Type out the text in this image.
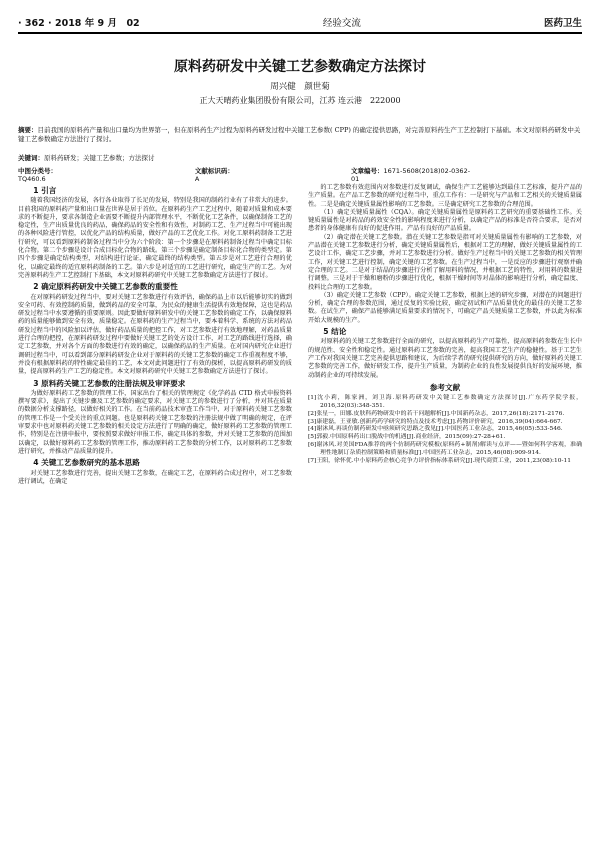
· 362 · 2018 年 9 月　02	经验交流	医药卫生
原料药研发中关键工艺参数确定方法探讨
周兴健　颜世菊
正大天晴药业集团股份有限公司，江苏 连云港　222000
摘要：目前我国的原料药产量和出口量均为世界第一，但在原料药生产过程为原料药研发过程中关键工艺参数( CPP) 的确定提供思路，对完善原料药生产工艺控制打下基础。本文对原料药研发中关键工艺参数确定方法进行了探讨。
关键词：原料药研发；关键工艺参数；方法探讨
中图分类号：TQ460.6
文献标识码：A
文章编号：1671-5608(2018)02-0362-01
1 引言

随着我国经济的发展，各行各业取得了长足的发展，特别是我国的制药行业有了非常大的进步。目前我国的原料药产量和出口量在世界是居于首位。在原料药生产工艺过程中，随着对质量和成本要求的不断提升，要求各制造企业需要不断提升内部管理水平，不断优化工艺条件，以确保制备工艺的稳定性，生产出质量优良的药品，确保药品的安全性和有效性，对制药工艺、生产过程当中可能出现的各种风险进行管控，以优化产品的结构质量，做好产品的工艺优化工作。对化工原料药制备工艺进行研究，可以看到原料药制备过程当中分为六个阶段：第一个步骤是在原料药制备过程当中确定目标化合物。第二个步骤是设计合成目标化合物的路线。第三个步骤是确定制备目标化合物的类型定。第四个步骤是确定结构类型，对结构进行论证，确定最终的结构类型。第五步是对工艺进行合理的优化，以确定最终的适宜原料药制备的工艺。第六步是对适宜的工艺进行研究，确定生产的工艺。为对完善原料药生产工艺控制打下基础，本文对原料药研究中关键工艺参数确定方法进行了探讨。

2 确定原料药研发中关键工艺参数的重要性

在对原料药研发过程当中，要对关键工艺参数进行有效评估，确保药品上市以后能够切实的做到安全可药、有效控制药质量，做到药品的安全可靠，为民众的健康生活提供有效地保障，这也是药品研发过程当中水要遵循的重要原则。因此要做好原料研发中的关键工艺参数的确定工作，以确保原料药的质量能够做到安全有效，质量稳定。在原料药的生产过程当中，要本着科学、系统的方法对药品研发过程当中的风险加以评估，做好药品质量的把控工作，对工艺参数进行有效地理解，对药品质量进行合理的把控，在原料药研发过程中要做好关键工艺的处方设计工作，对工艺的路线进行选择，确定工艺参数，并对各个方面的参数进行有效的确定，以确保药品的生产质量。在对国内研究企业进行调研过程当中，可以看到部分原料药研发企业对于原料药的关键工艺参数的确定工作重视程度不够，并没有根据原料药的特性确定最佳的工艺，本文对此问题进行了有效的探析，以提高原料药研发的质量，提高原料药生产工艺的稳定性。本文对原料药研究中关键工艺参数确定方法进行了探讨。

3 原料药关键工艺参数的注册法规及审评要求

为做好原料药工艺参数的管理工作，国家出台了相关的管理规定《化学药品 CTD 格式申报资料撰写要求》，提出了关键步骤及工艺参数的确定要求，对关键工艺的参数进行了分析，并对其在质量的数据分析支撑路径，以做好相关的工作。在当前药品技术审查工作当中，对于原料药关键工艺参数的管理工作是一个受关注的重点问题。也是原料药关键工艺参数的注册法规中做了明确的规定，在评审要求中也对原料药关键工艺参数的相关设定方法进行了明确的确定，做好原料药工艺参数的管理工作，特别是在注册申报中，要按照要求做好审报工作，确定具体的参数，并对关键工艺参数的范围加以确定，以做好原料药工艺参数的管理工作，推动原料药工艺参数的分析工作，以对原料药工艺参数进行研究，并推动产品质量的提升。

4 关键工艺参数研究的基本思路

对关键工艺参数进行完善，提出关键工艺参数，在确定工艺，在原料药合成过程中，对工艺参数进行调试，在确定

的工艺参数有效范围内对参数进行反复调试，确保生产工艺能够达到最佳工艺标准，提升产品的生产质量。在产品工艺参数的研究过程当中，重点工作有：一是研究与产品和工艺相关的关键质量属性。二是是确定关键质量属性影响的工艺参数。三是确定研究工艺参数的合理范围。

（1）确定关键质量属性（CQA）。确定关键质量属性是原料药工艺研究的重要基础性工作。关键质量属性是对药品的药效安全性的影响程度来进行分析，以确定产品的标准是否符合要求，是否对患者的身体健康有良好的促进作用。产品有良好的产品质量。

（2）确定潜在关键工艺参数。潜在关键工艺参数是指可对关键质量属性有影响的工艺参数，对产品潜在关键工艺参数进行分析，确定关键质量属性后，根据对工艺的理解，做好关键质量属性的工艺设计工作，确定工艺步骤，并对工艺参数进行分析。做好生产过程当中的关键工艺参数的相关管理工作，对关键工艺进行控制，确定关键的工艺参数。在生产过程当中，一是反应的步骤进行观察并确定合理的工艺。二是对于结晶的步骤进行分析了解用料的情况，并根据工艺的特性，对用料的数量进行调整。三是对于干燥和磨粉的步骤进行优化，根据干燥时间等对晶体的影响进行分析，确定温度、投料比合理的工艺参数。

（3）确定关键工艺参数（CPP）。确定关键工艺参数，根据上述的研究步骤，对潜在的问题进行分析，确定合理的参数范围，通过反复的实验比较，确定初试和产品质量优化的最佳的关键工艺参数。在试生产，确保产品能够满足质量要求的情况下，可确定产品关键质量工艺参数，并以此为标准开始大规模的生产。

5 结论

对原料药的关键工艺参数进行全面的研究，以提高原料药生产可靠性，提高原料药参数在生长中的规范性、安全性和稳定性。通过原料药工艺参数的完善，提高我国工艺生产的稳健性。基于工艺生产工作对我国关键工艺完善提供思路和建议，为后续学者的研究提供研究的方向，做好原料药关键工艺参数的完善工作，做好研发工作，提升生产质量，为制药企业的良性发展提供良好的发展环境，推动制药企业的可持续发展。

参考文献
[1]沈小莉，陈家洲，刘卫海.原料药研发中关键工艺参数确定方法探讨[J].广东药学院学报，2016,32(03):348-351.
[2]张星一，田娜.皮肤科药物研发中的若干问题解析[J].中国新药杂志，2017,26(18):2171-2176.
[3]康建磊，王亚敏.创新药药学研究的特点及技术考虑[J].药物评价研究，2016,39(04):664-667.
[4]谢沐风.再谈仿制药研发中亟须研究思路之我见[J].中国医药工业杂志，2015,46(05):533-546.
[5]郭毅.中国原料药出口脱战中的机遇[J].商业经济，2015(09):27-28+61.
[6]谢沐风.对美国FDA推荐的两个仿制药研究模板(原料药+制剂)解读与点评——暨如何科学客观，准确理性地制订杂质控制策略和质量标准[J].中国医药工业杂志，2015,46(08):909-914.
[7]王阳，徐怀优.中小原料药企核心竞争力评价指标体系研究[J].现代商贸工业，2011,23(08):10-11
